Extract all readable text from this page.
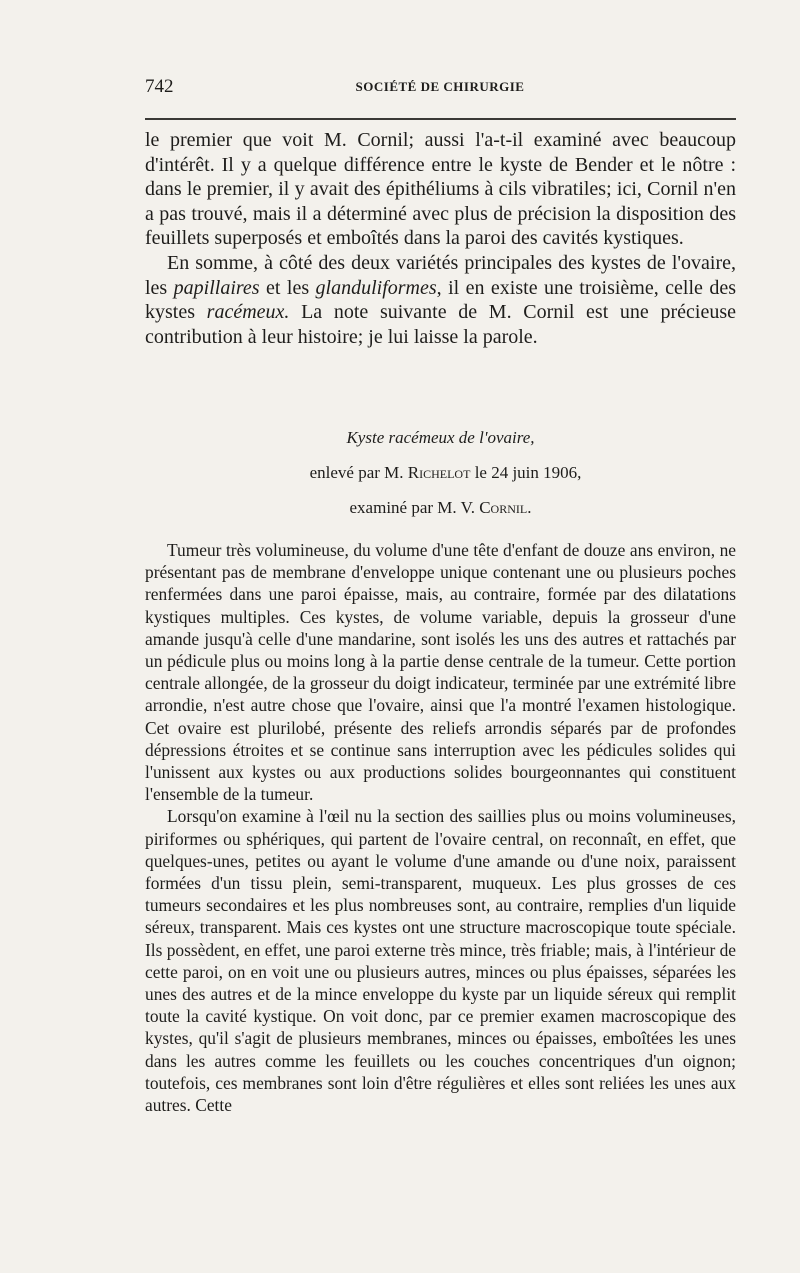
742	SOCIÉTÉ DE CHIRURGIE

le premier que voit M. Cornil; aussi l'a-t-il examiné avec beaucoup d'intérêt. Il y a quelque différence entre le kyste de Bender et le nôtre : dans le premier, il y avait des épithéliums à cils vibratiles; ici, Cornil n'en a pas trouvé, mais il a déterminé avec plus de précision la disposition des feuillets superposés et emboîtés dans la paroi des cavités kystiques.

En somme, à côté des deux variétés principales des kystes de l'ovaire, les papillaires et les glanduliformes, il en existe une troisième, celle des kystes racémeux. La note suivante de M. Cornil est une précieuse contribution à leur histoire; je lui laisse la parole.

Kyste racémeux de l'ovaire,
enlevé par M. Richelot le 24 juin 1906,
examiné par M. V. Cornil.

Tumeur très volumineuse, du volume d'une tête d'enfant de douze ans environ, ne présentant pas de membrane d'enveloppe unique contenant une ou plusieurs poches renfermées dans une paroi épaisse, mais, au contraire, formée par des dilatations kystiques multiples. Ces kystes, de volume variable, depuis la grosseur d'une amande jusqu'à celle d'une mandarine, sont isolés les uns des autres et rattachés par un pédicule plus ou moins long à la partie dense centrale de la tumeur. Cette portion centrale allongée, de la grosseur du doigt indicateur, terminée par une extrémité libre arrondie, n'est autre chose que l'ovaire, ainsi que l'a montré l'examen histologique. Cet ovaire est plurilobé, présente des reliefs arrondis séparés par de profondes dépressions étroites et se continue sans interruption avec les pédicules solides qui l'unissent aux kystes ou aux productions solides bourgeonnantes qui constituent l'ensemble de la tumeur.

Lorsqu'on examine à l'œil nu la section des saillies plus ou moins volumineuses, piriformes ou sphériques, qui partent de l'ovaire central, on reconnaît, en effet, que quelques-unes, petites ou ayant le volume d'une amande ou d'une noix, paraissent formées d'un tissu plein, semi-transparent, muqueux. Les plus grosses de ces tumeurs secondaires et les plus nombreuses sont, au contraire, remplies d'un liquide séreux, transparent. Mais ces kystes ont une structure macroscopique toute spéciale. Ils possèdent, en effet, une paroi externe très mince, très friable; mais, à l'intérieur de cette paroi, on en voit une ou plusieurs autres, minces ou plus épaisses, séparées les unes des autres et de la mince enveloppe du kyste par un liquide séreux qui remplit toute la cavité kystique. On voit donc, par ce premier examen macroscopique des kystes, qu'il s'agit de plusieurs membranes, minces ou épaisses, emboîtées les unes dans les autres comme les feuillets ou les couches concentriques d'un oignon; toutefois, ces membranes sont loin d'être régulières et elles sont reliées les unes aux autres. Cette
